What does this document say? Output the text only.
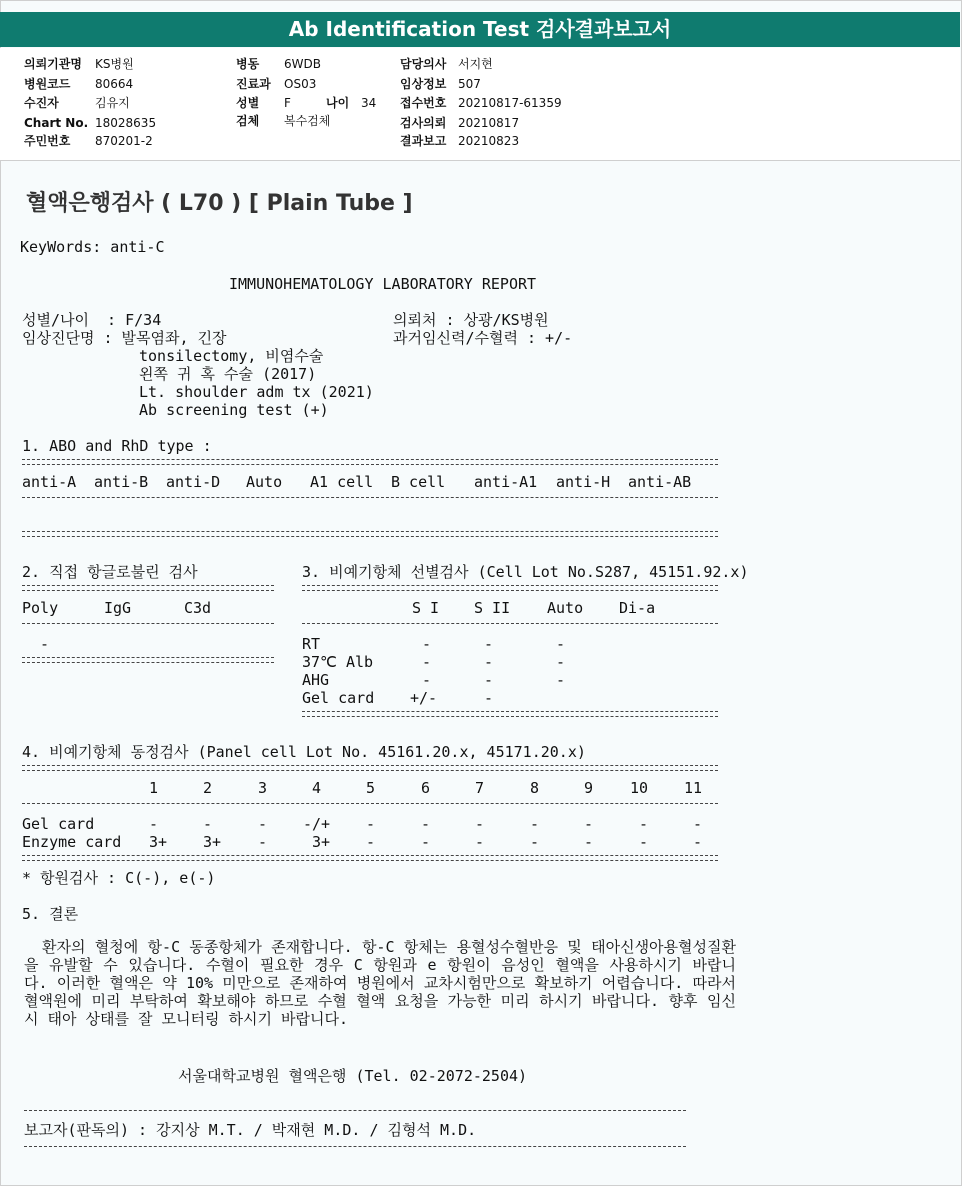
Ab Identification Test 검사결과보고서
의뢰기관명 KS병원
병원코드 80664
수진자	김유지
Chart No. 18028635
주민번호 870201-2
병동 6WDB
진료과 OS03
성별 F	나이 34
검체 복수검체
담당의사 서지현
임상정보 507
접수번호 20210817-61359
검사의뢰 20210817
결과보고 20210823
혈액은행검사 ( L70 ) [ Plain Tube ]
KeyWords: anti-C
IMMUNOHEMATOLOGY LABORATORY REPORT
성별/나이  : F/34
임상진단명 : 발목염좌, 긴장
tonsilectomy, 비염수술
왼쪽 귀 혹 수술 (2017)
Lt. shoulder adm tx (2021)
Ab screening test (+)
의뢰처 : 상광/KS병원
과거임신력/수혈력 : +/-
1. ABO and RhD type :
anti-A anti-B anti-D Auto A1 cell B cell anti-A1 anti-H anti-AB
2. 직접 항글로불린 검사
Poly	IgG	C3d
-
3. 비예기항체 선별검사 (Cell Lot No.S287, 45151.92.x)
S I S II Auto Di-a
RT	-	-	-
37℃ Alb	-	-	-
AHG	-	-	-
Gel card +/-	-
4. 비예기항체 동정검사 (Panel cell Lot No. 45161.20.x, 45171.20.x)
1	2	3	4	5	6	7	8	9 10 11
Gel card	-	-	- -/+ -	-	-	-	-	-	-
Enzyme card 3+ 3+ -	3+ -	-	-	-	-	-	-
* 항원검사 : C(-), e(-)
5. 결론
환자의 혈청에 항-C 동종항체가 존재합니다. 항-C 항체는 용혈성수혈반응 및 태아신생아용혈성질환을 유발할 수 있습니다. 수혈이 필요한 경우 C 항원과 e 항원이 음성인 혈액을 사용하시기 바랍니다. 이러한 혈액은 약 10% 미만으로 존재하여 병원에서 교차시험만으로 확보하기 어렵습니다. 따라서 혈액원에 미리 부탁하여 확보해야 하므로 수혈 혈액 요청을 가능한 미리 하시기 바랍니다. 향후 임신 시 태아 상태를 잘 모니터링 하시기 바랍니다.
서울대학교병원 혈액은행 (Tel. 02-2072-2504)
보고자(판독의) : 강지상 M.T. / 박재현 M.D. / 김형석 M.D.
